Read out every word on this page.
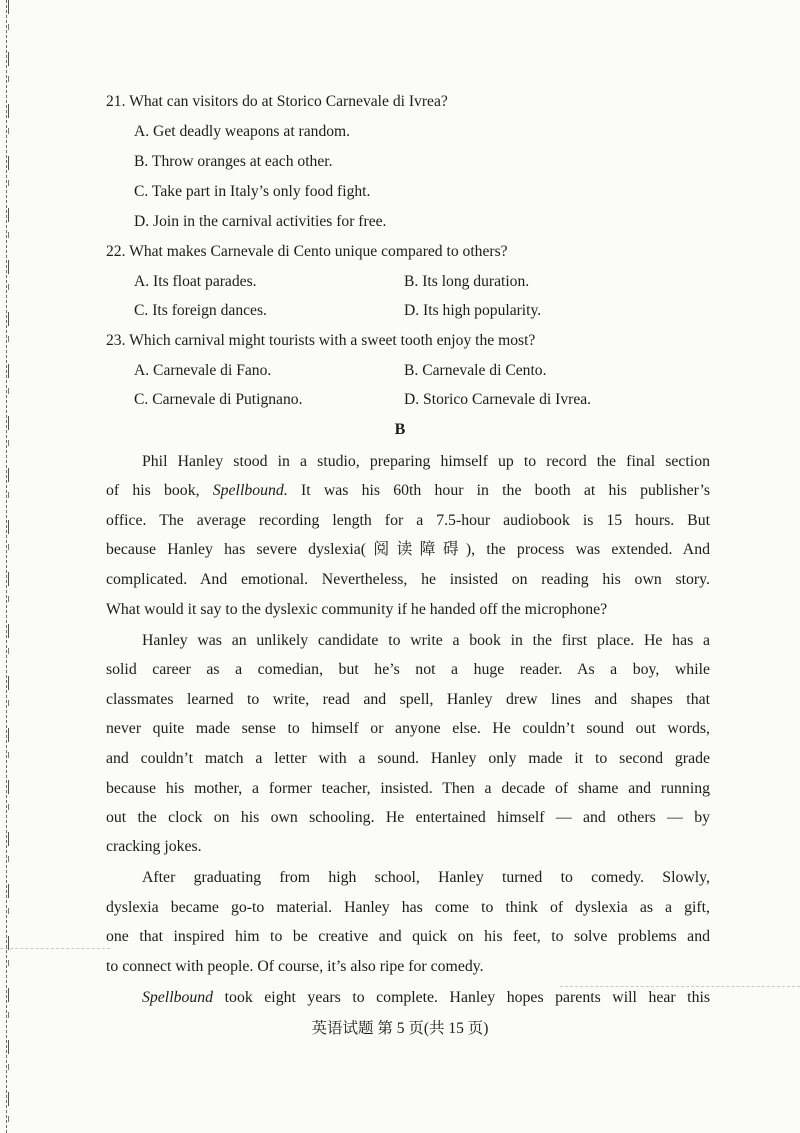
21. What can visitors do at Storico Carnevale di Ivrea?
A. Get deadly weapons at random.
B. Throw oranges at each other.
C. Take part in Italy’s only food fight.
D. Join in the carnival activities for free.
22. What makes Carnevale di Cento unique compared to others?
A. Its float parades.	B. Its long duration.
C. Its foreign dances.	D. Its high popularity.
23. Which carnival might tourists with a sweet tooth enjoy the most?
A. Carnevale di Fano.	B. Carnevale di Cento.
C. Carnevale di Putignano.	D. Storico Carnevale di Ivrea.
B
Phil Hanley stood in a studio, preparing himself up to record the final section
of his book, Spellbound. It was his 60th hour in the booth at his publisher’s
office. The average recording length for a 7.5-hour audiobook is 15 hours. But
because Hanley has severe dyslexia(阅读障碍), the process was extended. And
complicated. And emotional. Nevertheless, he insisted on reading his own story.
What would it say to the dyslexic community if he handed off the microphone?
Hanley was an unlikely candidate to write a book in the first place. He has a
solid career as a comedian, but he’s not a huge reader. As a boy, while
classmates learned to write, read and spell, Hanley drew lines and shapes that
never quite made sense to himself or anyone else. He couldn’t sound out words,
and couldn’t match a letter with a sound. Hanley only made it to second grade
because his mother, a former teacher, insisted. Then a decade of shame and running
out the clock on his own schooling. He entertained himself — and others — by
cracking jokes.
After graduating from high school, Hanley turned to comedy. Slowly,
dyslexia became go-to material. Hanley has come to think of dyslexia as a gift,
one that inspired him to be creative and quick on his feet, to solve problems and
to connect with people. Of course, it’s also ripe for comedy.
Spellbound took eight years to complete. Hanley hopes parents will hear this
英语试题 第 5 页(共 15 页)
